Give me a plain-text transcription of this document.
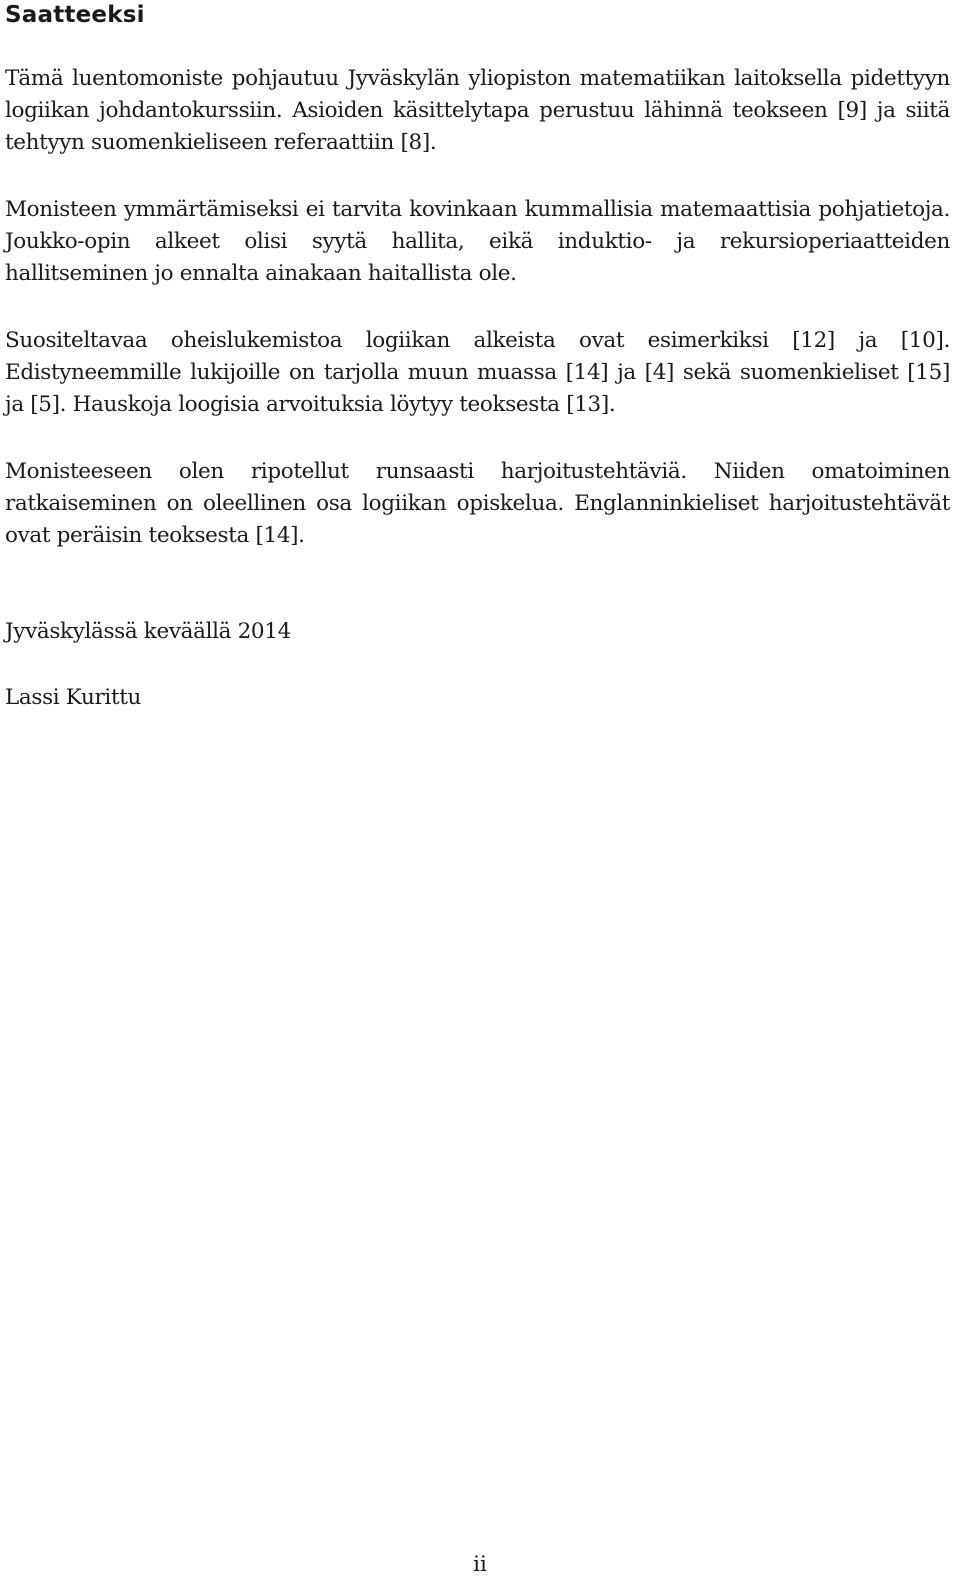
Saatteeksi

Tämä luentomoniste pohjautuu Jyväskylän yliopiston matematiikan laitoksella pidettyyn logiikan johdantokurssiin. Asioiden käsittelytapa perustuu lähinnä teokseen [9] ja siitä tehtyyn suomenkieliseen referaattiin [8].

Monisteen ymmärtämiseksi ei tarvita kovinkaan kummallisia matemaattisia pohjatietoja. Joukko-opin alkeet olisi syytä hallita, eikä induktio- ja rekursioperiaatteiden hallitseminen jo ennalta ainakaan haitallista ole.

Suositeltavaa oheislukemistoa logiikan alkeista ovat esimerkiksi [12] ja [10]. Edistyneemmille lukijoille on tarjolla muun muassa [14] ja [4] sekä suomenkieliset [15] ja [5]. Hauskoja loogisia arvoituksia löytyy teoksesta [13].

Monisteeseen olen ripotellut runsaasti harjoitustehtäviä. Niiden omatoiminen ratkaiseminen on oleellinen osa logiikan opiskelua. Englanninkieliset harjoitustehtävät ovat peräisin teoksesta [14].

Jyväskylässä keväällä 2014

Lassi Kurittu

ii
